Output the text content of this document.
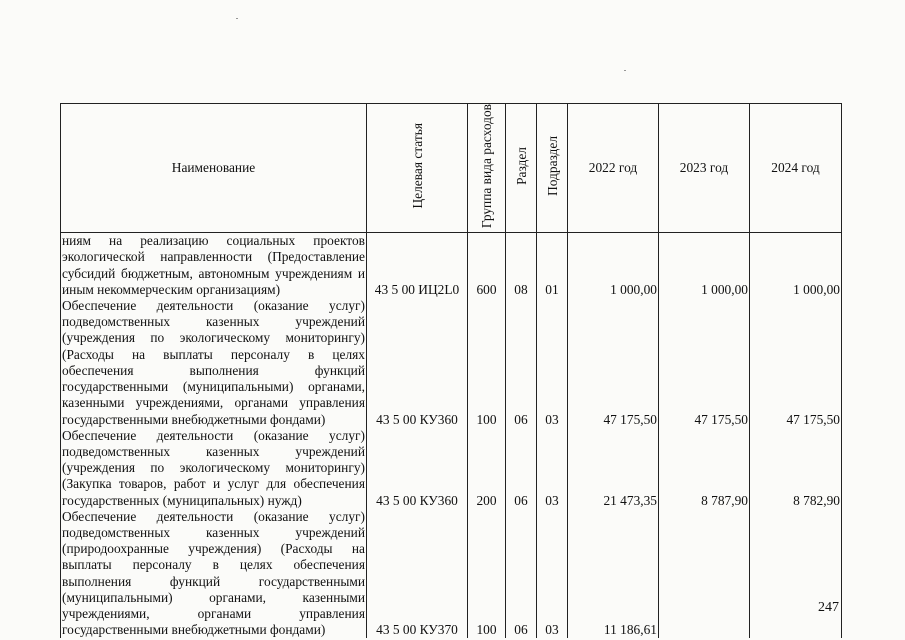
Наименование	Целевая статья	Группа вида расходов	Раздел	Подраздел	2022 год	2023 год	2024 год
ниям на реализацию социальных проектов экологической направленности (Предоставление субсидий бюджетным, автономным учреждениям и иным некоммерческим организациям)	43 5 00 ИЦ2L0	600	08	01	1 000,00	1 000,00	1 000,00
Обеспечение деятельности (оказание услуг) подведомственных казенных учреждений (учреждения по экологическому мониторингу) (Расходы на выплаты персоналу в целях обеспечения выполнения функций государственными (муниципальными) органами, казенными учреждениями, органами управления государственными внебюджетными фондами)	43 5 00 КУ360	100	06	03	47 175,50	47 175,50	47 175,50
Обеспечение деятельности (оказание услуг) подведомственных казенных учреждений (учреждения по экологическому мониторингу) (Закупка товаров, работ и услуг для обеспечения государственных (муниципальных) нужд)	43 5 00 КУ360	200	06	03	21 473,35	8 787,90	8 782,90
Обеспечение деятельности (оказание услуг) подведомственных казенных учреждений (природоохранные учреждения) (Расходы на выплаты персоналу в целях обеспечения выполнения функций государственными (муниципальными) органами, казенными учреждениями, органами управления государственными внебюджетными фондами)	43 5 00 КУ370	100	06	03	11 186,61		
247
